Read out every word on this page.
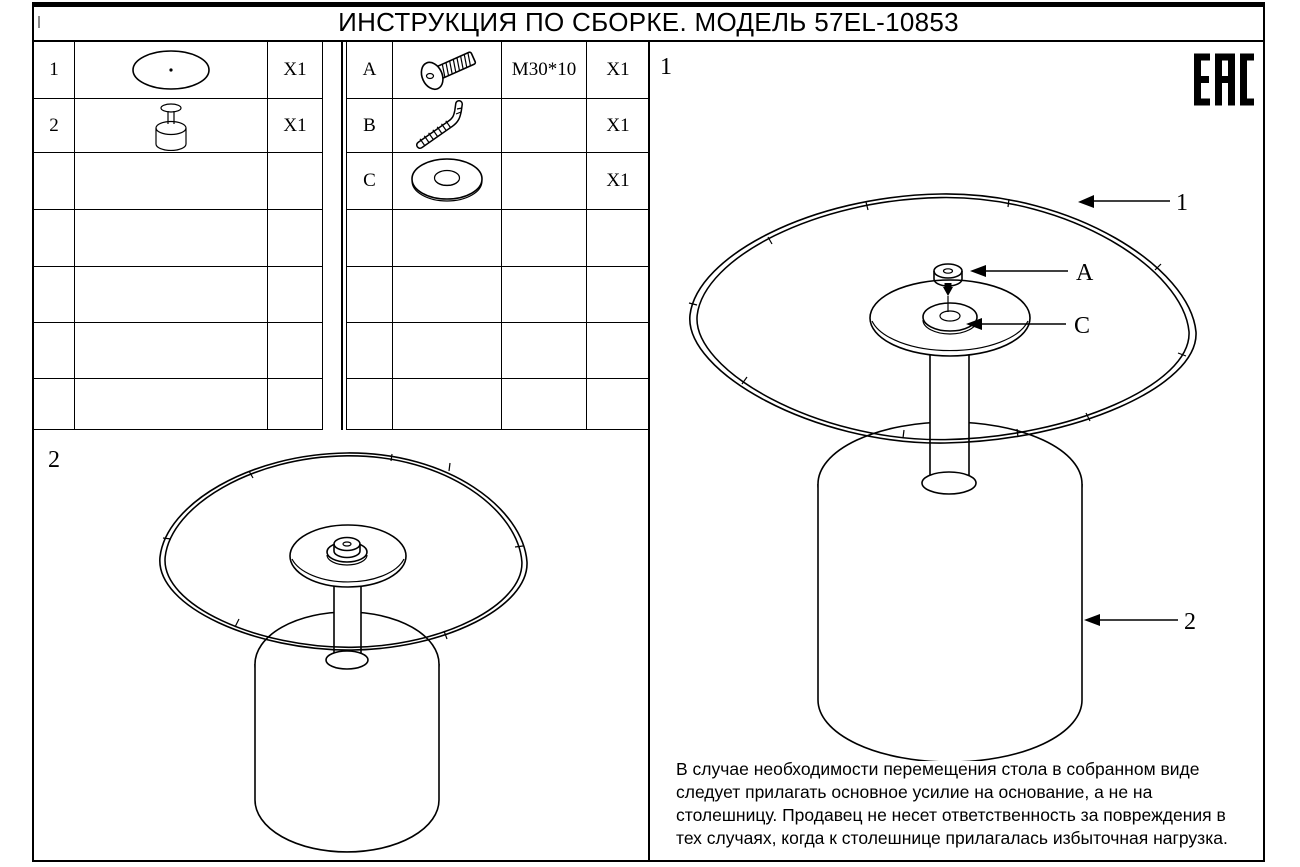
ИНСТРУКЦИЯ ПО СБОРКЕ. МОДЕЛЬ 57EL-10853
1	X1
2	X1
A	M30*10	X1
B	X1
C	X1
1
1
A
C
2
2
В случае необходимости перемещения стола в собранном виде
следует прилагать основное усилие на основание, а не на
столешницу. Продавец не несет ответственность за повреждения в
тех случаях, когда к столешнице прилагалась избыточная нагрузка.
